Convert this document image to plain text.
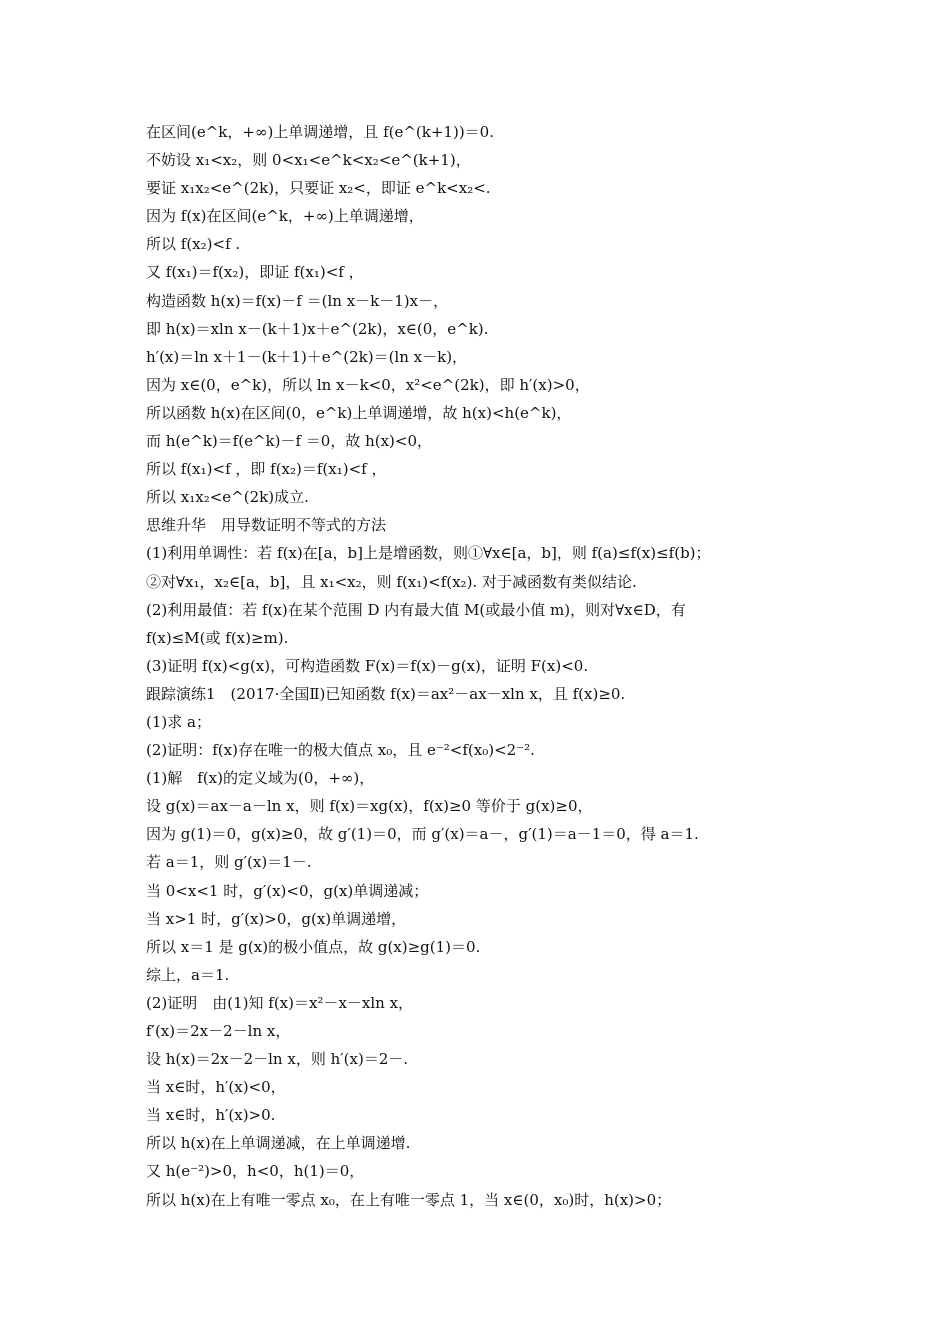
在区间(e^k，+∞)上单调递增，且 f(e^(k+1))＝0.
不妨设 x₁<x₂，则 0<x₁<e^k<x₂<e^(k+1)，
要证 x₁x₂<e^(2k)，只要证 x₂<，即证 e^k<x₂<.
因为 f(x)在区间(e^k，+∞)上单调递增，
所以 f(x₂)<f .
又 f(x₁)＝f(x₂)，即证 f(x₁)<f ，
构造函数 h(x)＝f(x)－f ＝(ln x－k－1)x－，
即 h(x)＝xln x－(k＋1)x＋e^(2k)，x∈(0，e^k).
h′(x)＝ln x＋1－(k＋1)＋e^(2k)＝(ln x－k)，
因为 x∈(0，e^k)，所以 ln x－k<0，x²<e^(2k)，即 h′(x)>0，
所以函数 h(x)在区间(0，e^k)上单调递增，故 h(x)<h(e^k)，
而 h(e^k)＝f(e^k)－f ＝0，故 h(x)<0，
所以 f(x₁)<f ，即 f(x₂)＝f(x₁)<f ，
所以 x₁x₂<e^(2k)成立.
思维升华　用导数证明不等式的方法
(1)利用单调性：若 f(x)在[a，b]上是增函数，则①∀x∈[a，b]，则 f(a)≤f(x)≤f(b)；
②对∀x₁，x₂∈[a，b]，且 x₁<x₂，则 f(x₁)<f(x₂). 对于减函数有类似结论.
(2)利用最值：若 f(x)在某个范围 D 内有最大值 M(或最小值 m)，则对∀x∈D，有
f(x)≤M(或 f(x)≥m).
(3)证明 f(x)<g(x)，可构造函数 F(x)＝f(x)－g(x)，证明 F(x)<0.
跟踪演练1　(2017·全国Ⅱ)已知函数 f(x)＝ax²－ax－xln x，且 f(x)≥0.
(1)求 a；
(2)证明：f(x)存在唯一的极大值点 x₀，且 e⁻²<f(x₀)<2⁻².
(1)解　f(x)的定义域为(0，+∞)，
设 g(x)＝ax－a－ln x，则 f(x)＝xg(x)，f(x)≥0 等价于 g(x)≥0，
因为 g(1)＝0，g(x)≥0，故 g′(1)＝0，而 g′(x)＝a－，g′(1)＝a－1＝0，得 a＝1.
若 a＝1，则 g′(x)＝1－.
当 0<x<1 时，g′(x)<0，g(x)单调递减；
当 x>1 时，g′(x)>0，g(x)单调递增，
所以 x＝1 是 g(x)的极小值点，故 g(x)≥g(1)＝0.
综上，a＝1.
(2)证明　由(1)知 f(x)＝x²－x－xln x，
f′(x)＝2x－2－ln x，
设 h(x)＝2x－2－ln x，则 h′(x)＝2－.
当 x∈时，h′(x)<0，
当 x∈时，h′(x)>0.
所以 h(x)在上单调递减，在上单调递增.
又 h(e⁻²)>0，h<0，h(1)＝0，
所以 h(x)在上有唯一零点 x₀，在上有唯一零点 1，当 x∈(0，x₀)时，h(x)>0；
